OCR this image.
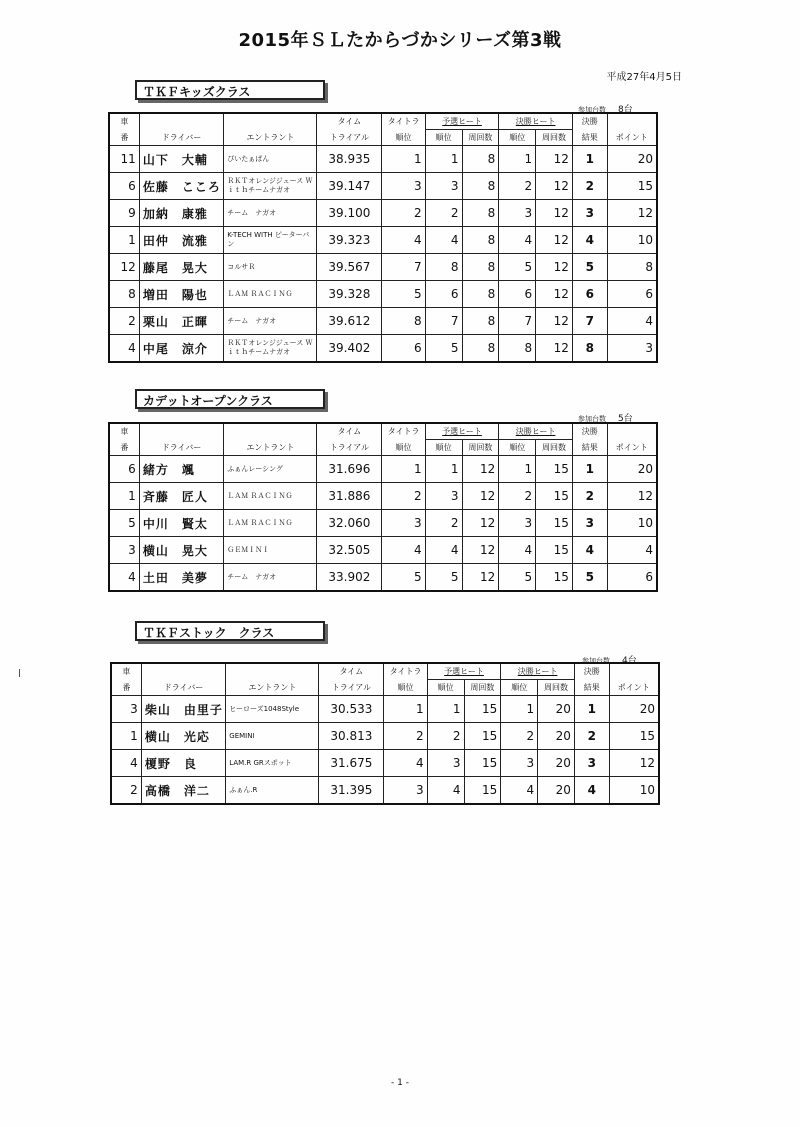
2015年ＳＬたからづかシリーズ第3戦
平成27年4月5日
ＴＫＦキッズクラス
参加台数 8台
車			タイム	タイトラ	予選ヒート		決勝ヒート		決勝	
番	ドライバー	エントラント	トライアル	順位	順位	周回数	順位	周回数	結果	ポイント
11	山下　大輔	ぴいたぁぱん	38.935	1	1	8	1	12	1	20
6	佐藤　こころ	ＲＫＴオレンジジュース Ｗｉｔｈチームナガオ	39.147	3	3	8	2	12	2	15
9	加納　康雅	チーム　ナガオ	39.100	2	2	8	3	12	3	12
1	田仲　流雅	K-TECH WITH ピーターパン	39.323	4	4	8	4	12	4	10
12	藤尾　晃大	コルサＲ	39.567	7	8	8	5	12	5	8
8	増田　陽也	ＬＡＭ ＲＡＣＩＮＧ	39.328	5	6	8	6	12	6	6
2	栗山　正暉	チーム　ナガオ	39.612	8	7	8	7	12	7	4
4	中尾　涼介	ＲＫＴオレンジジュース Ｗｉｔｈチームナガオ	39.402	6	5	8	8	12	8	3
カデットオープンクラス
参加台数 5台
車			タイム	タイトラ	予選ヒート		決勝ヒート		決勝	
番	ドライバー	エントラント	トライアル	順位	順位	周回数	順位	周回数	結果	ポイント
6	緒方　颯	ふぁんレーシング	31.696	1	1	12	1	15	1	20
1	斉藤　匠人	ＬＡＭ ＲＡＣＩＮＧ	31.886	2	3	12	2	15	2	12
5	中川　賢太	ＬＡＭ ＲＡＣＩＮＧ	32.060	3	2	12	3	15	3	10
3	横山　晃大	ＧＥＭＩＮＩ	32.505	4	4	12	4	15	4	4
4	土田　美夢	チーム　ナガオ	33.902	5	5	12	5	15	5	6
ＴＫＦストック　クラス
参加台数 4台
車			タイム	タイトラ	予選ヒート		決勝ヒート		決勝	
番	ドライバー	エントラント	トライアル	順位	順位	周回数	順位	周回数	結果	ポイント
3	柴山　由里子	ヒーローズ1048Style	30.533	1	1	15	1	20	1	20
1	横山　光応	GEMINI	30.813	2	2	15	2	20	2	15
4	榎野　良	LAM.R GRスポット	31.675	4	3	15	3	20	3	12
2	高橋　洋二	ふぁん.R	31.395	3	4	15	4	20	4	10
- 1 -
